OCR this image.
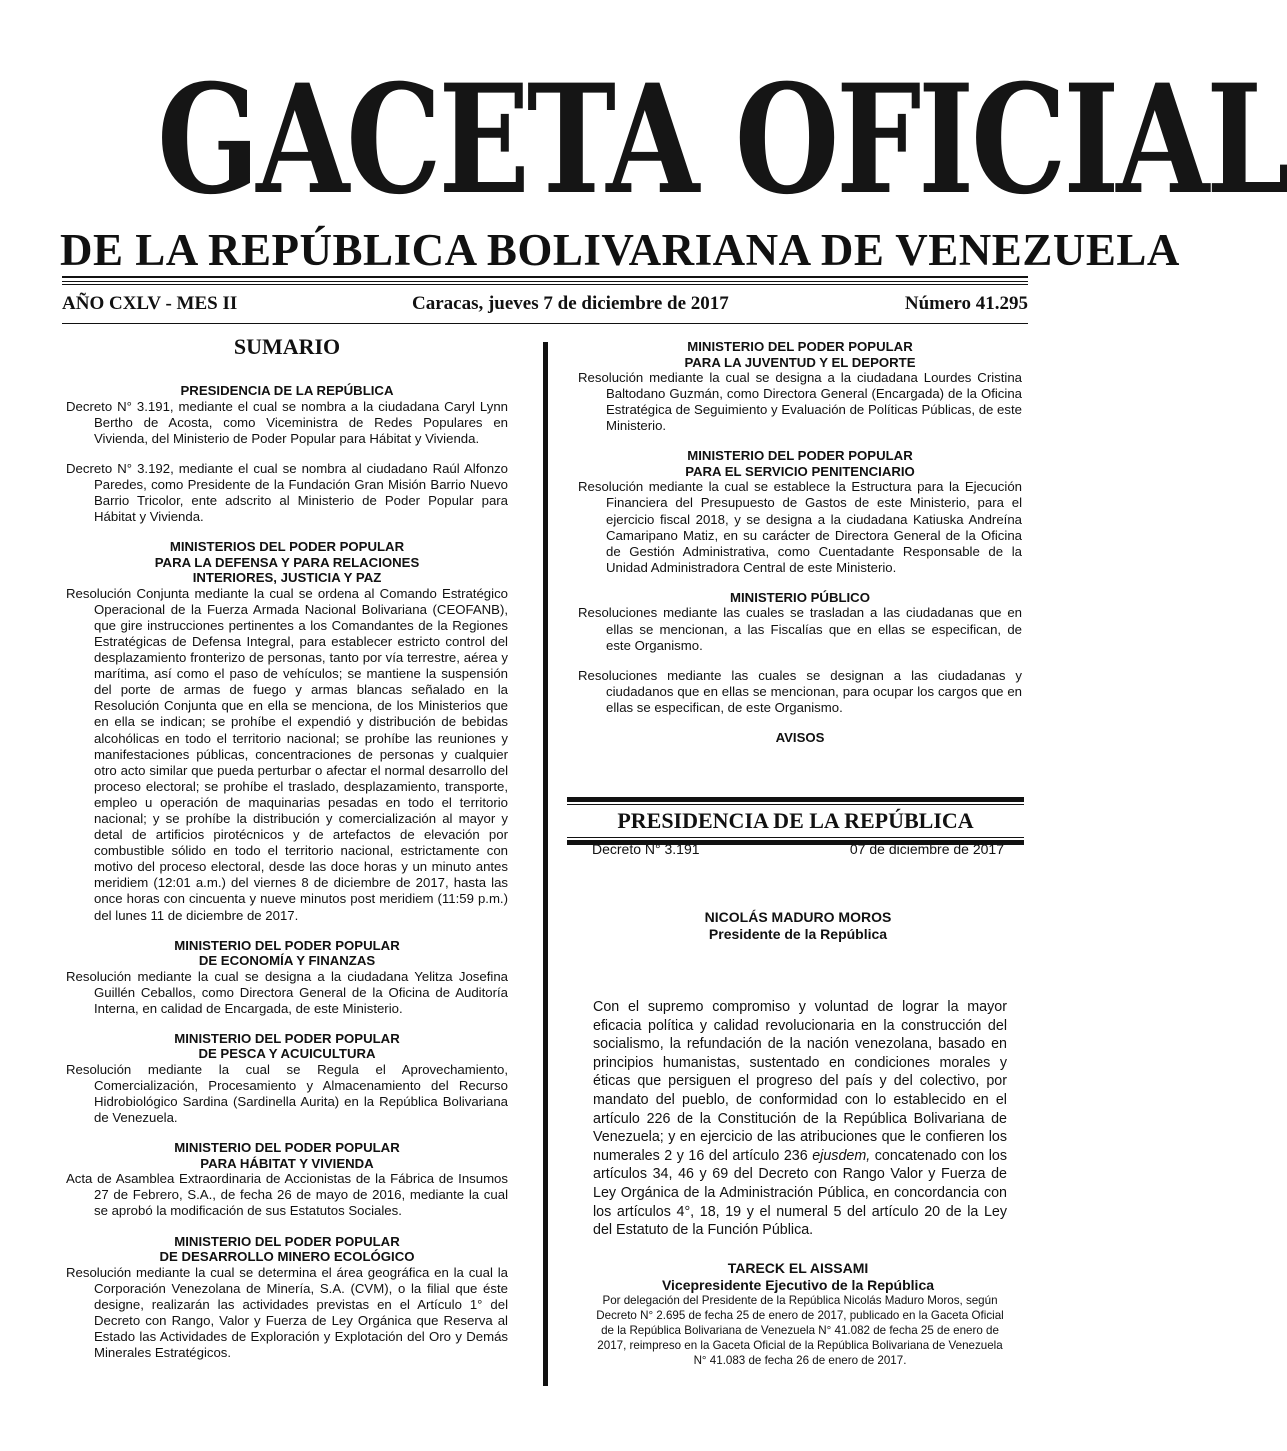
GACETA OFICIAL
DE LA REPÚBLICA BOLIVARIANA DE VENEZUELA
AÑO CXLV - MES II	Caracas, jueves 7 de diciembre de 2017	Número 41.295
SUMARIO
PRESIDENCIA DE LA REPÚBLICA
Decreto N° 3.191, mediante el cual se nombra a la ciudadana Caryl Lynn Bertho de Acosta, como Viceministra de Redes Populares en Vivienda, del Ministerio de Poder Popular para Hábitat y Vivienda.
Decreto N° 3.192, mediante el cual se nombra al ciudadano Raúl Alfonzo Paredes, como Presidente de la Fundación Gran Misión Barrio Nuevo Barrio Tricolor, ente adscrito al Ministerio de Poder Popular para Hábitat y Vivienda.
MINISTERIOS DEL PODER POPULAR
PARA LA DEFENSA Y PARA RELACIONES
INTERIORES, JUSTICIA Y PAZ
Resolución Conjunta mediante la cual se ordena al Comando Estratégico Operacional de la Fuerza Armada Nacional Bolivariana (CEOFANB), que gire instrucciones pertinentes a los Comandantes de la Regiones Estratégicas de Defensa Integral, para establecer estricto control del desplazamiento fronterizo de personas, tanto por vía terrestre, aérea y marítima, así como el paso de vehículos; se mantiene la suspensión del porte de armas de fuego y armas blancas señalado en la Resolución Conjunta que en ella se menciona, de los Ministerios que en ella se indican; se prohíbe el expendió y distribución de bebidas alcohólicas en todo el territorio nacional; se prohíbe las reuniones y manifestaciones públicas, concentraciones de personas y cualquier otro acto similar que pueda perturbar o afectar el normal desarrollo del proceso electoral; se prohíbe el traslado, desplazamiento, transporte, empleo u operación de maquinarias pesadas en todo el territorio nacional; y se prohíbe la distribución y comercialización al mayor y detal de artificios pirotécnicos y de artefactos de elevación por combustible sólido en todo el territorio nacional, estrictamente con motivo del proceso electoral, desde las doce horas y un minuto antes meridiem (12:01 a.m.) del viernes 8 de diciembre de 2017, hasta las once horas con cincuenta y nueve minutos post meridiem (11:59 p.m.) del lunes 11 de diciembre de 2017.
MINISTERIO DEL PODER POPULAR
DE ECONOMÍA Y FINANZAS
Resolución mediante la cual se designa a la ciudadana Yelitza Josefina Guillén Ceballos, como Directora General de la Oficina de Auditoría Interna, en calidad de Encargada, de este Ministerio.
MINISTERIO DEL PODER POPULAR
DE PESCA Y ACUICULTURA
Resolución mediante la cual se Regula el Aprovechamiento, Comercialización, Procesamiento y Almacenamiento del Recurso Hidrobiológico Sardina (Sardinella Aurita) en la República Bolivariana de Venezuela.
MINISTERIO DEL PODER POPULAR
PARA HÁBITAT Y VIVIENDA
Acta de Asamblea Extraordinaria de Accionistas de la Fábrica de Insumos 27 de Febrero, S.A., de fecha 26 de mayo de 2016, mediante la cual se aprobó la modificación de sus Estatutos Sociales.
MINISTERIO DEL PODER POPULAR
DE DESARROLLO MINERO ECOLÓGICO
Resolución mediante la cual se determina el área geográfica en la cual la Corporación Venezolana de Minería, S.A. (CVM), o la filial que éste designe, realizarán las actividades previstas en el Artículo 1° del Decreto con Rango, Valor y Fuerza de Ley Orgánica que Reserva al Estado las Actividades de Exploración y Explotación del Oro y Demás Minerales Estratégicos.
MINISTERIO DEL PODER POPULAR
PARA LA JUVENTUD Y EL DEPORTE
Resolución mediante la cual se designa a la ciudadana Lourdes Cristina Baltodano Guzmán, como Directora General (Encargada) de la Oficina Estratégica de Seguimiento y Evaluación de Políticas Públicas, de este Ministerio.
MINISTERIO DEL PODER POPULAR
PARA EL SERVICIO PENITENCIARIO
Resolución mediante la cual se establece la Estructura para la Ejecución Financiera del Presupuesto de Gastos de este Ministerio, para el ejercicio fiscal 2018, y se designa a la ciudadana Katiuska Andreína Camaripano Matiz, en su carácter de Directora General de la Oficina de Gestión Administrativa, como Cuentadante Responsable de la Unidad Administradora Central de este Ministerio.
MINISTERIO PÚBLICO
Resoluciones mediante las cuales se trasladan a las ciudadanas que en ellas se mencionan, a las Fiscalías que en ellas se especifican, de este Organismo.
Resoluciones mediante las cuales se designan a las ciudadanas y ciudadanos que en ellas se mencionan, para ocupar los cargos que en ellas se especifican, de este Organismo.
AVISOS
PRESIDENCIA DE LA REPÚBLICA
Decreto N° 3.191	07 de diciembre de 2017
NICOLÁS MADURO MOROS
Presidente de la República
Con el supremo compromiso y voluntad de lograr la mayor eficacia política y calidad revolucionaria en la construcción del socialismo, la refundación de la nación venezolana, basado en principios humanistas, sustentado en condiciones morales y éticas que persiguen el progreso del país y del colectivo, por mandato del pueblo, de conformidad con lo establecido en el artículo 226 de la Constitución de la República Bolivariana de Venezuela; y en ejercicio de las atribuciones que le confieren los numerales 2 y 16 del artículo 236 ejusdem, concatenado con los artículos 34, 46 y 69 del Decreto con Rango Valor y Fuerza de Ley Orgánica de la Administración Pública, en concordancia con los artículos 4°, 18, 19 y el numeral 5 del artículo 20 de la Ley del Estatuto de la Función Pública.
TARECK EL AISSAMI
Vicepresidente Ejecutivo de la República
Por delegación del Presidente de la República Nicolás Maduro Moros, según Decreto N° 2.695 de fecha 25 de enero de 2017, publicado en la Gaceta Oficial de la República Bolivariana de Venezuela N° 41.082 de fecha 25 de enero de 2017, reimpreso en la Gaceta Oficial de la República Bolivariana de Venezuela N° 41.083 de fecha 26 de enero de 2017.
